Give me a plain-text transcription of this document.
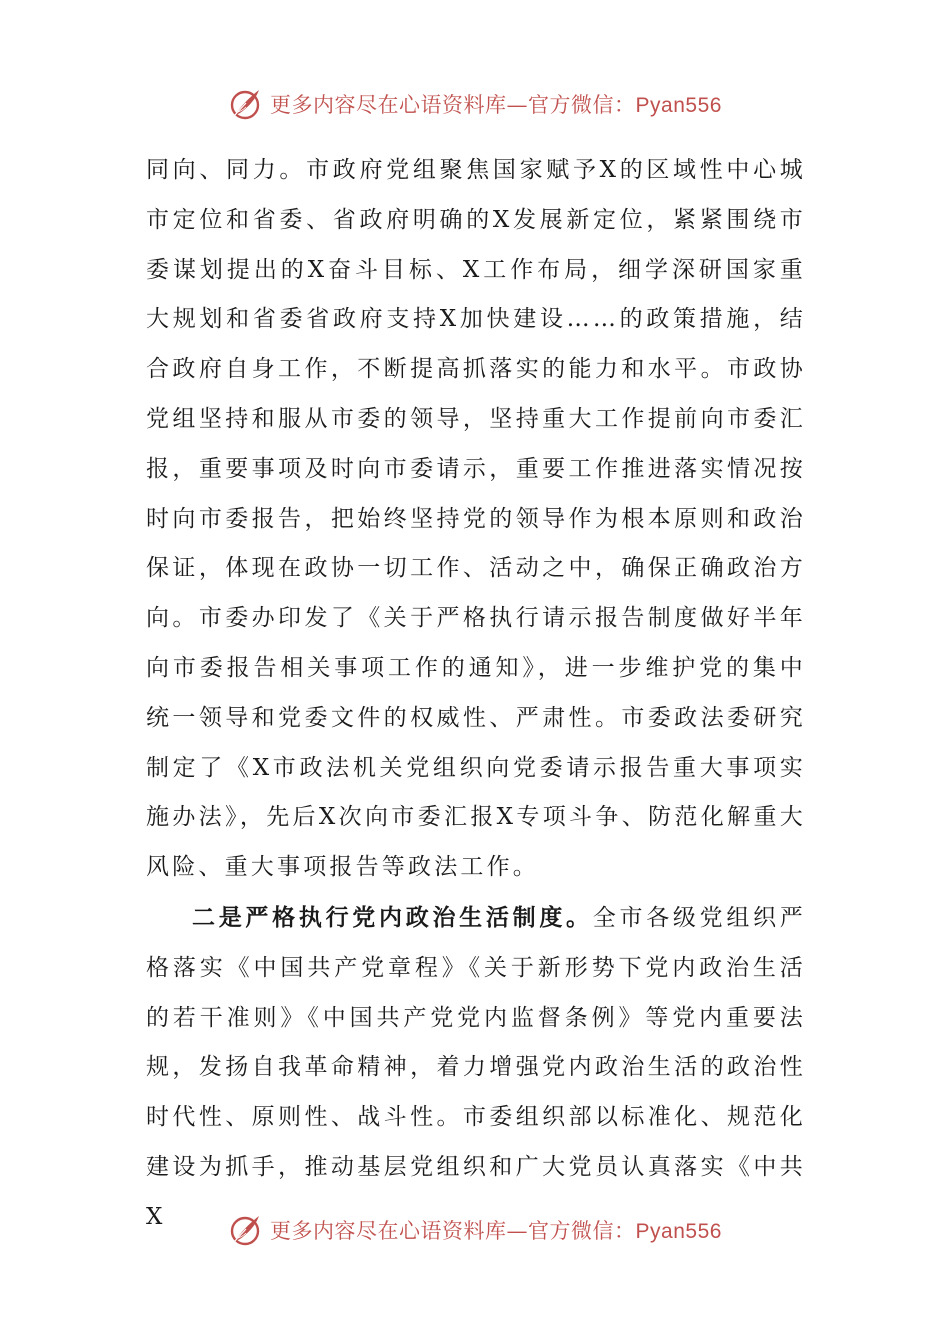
更多内容尽在心语资料库—官方微信：Pyan556

同向、同力。市政府党组聚焦国家赋予X的区域性中心城市定位和省委、省政府明确的X发展新定位，紧紧围绕市委谋划提出的X奋斗目标、X工作布局，细学深研国家重大规划和省委省政府支持X加快建设……的政策措施，结合政府自身工作，不断提高抓落实的能力和水平。市政协党组坚持和服从市委的领导，坚持重大工作提前向市委汇报，重要事项及时向市委请示，重要工作推进落实情况按时向市委报告，把始终坚持党的领导作为根本原则和政治保证，体现在政协一切工作、活动之中，确保正确政治方向。市委办印发了《关于严格执行请示报告制度做好半年向市委报告相关事项工作的通知》，进一步维护党的集中统一领导和党委文件的权威性、严肃性。市委政法委研究制定了《X市政法机关党组织向党委请示报告重大事项实施办法》，先后X次向市委汇报X专项斗争、防范化解重大风险、重大事项报告等政法工作。

二是严格执行党内政治生活制度。全市各级党组织严格落实《中国共产党章程》《关于新形势下党内政治生活的若干准则》《中国共产党党内监督条例》等党内重要法规，发扬自我革命精神，着力增强党内政治生活的政治性时代性、原则性、战斗性。市委组织部以标准化、规范化建设为抓手，推动基层党组织和广大党员认真落实《中共X

更多内容尽在心语资料库—官方微信：Pyan556
